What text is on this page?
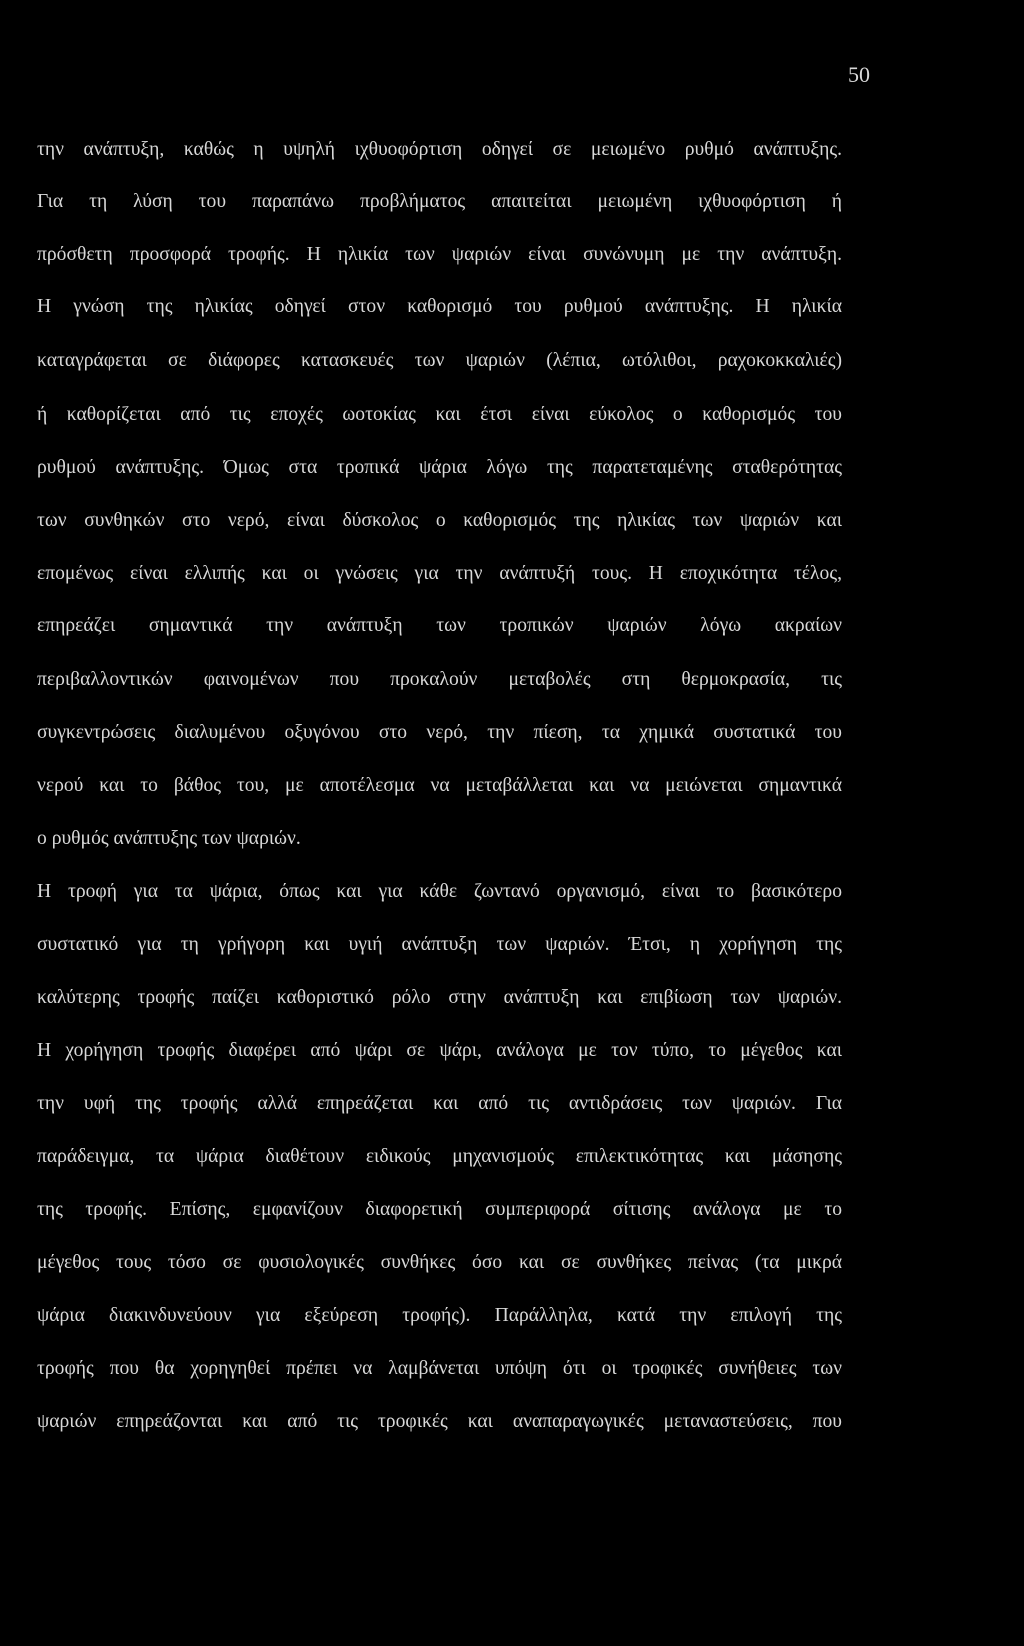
50
την ανάπτυξη, καθώς η υψηλή ιχθυοφόρτιση οδηγεί σε μειωμένο ρυθμό ανάπτυξης.
Για τη λύση του παραπάνω προβλήματος απαιτείται μειωμένη ιχθυοφόρτιση ή
πρόσθετη προσφορά τροφής. Η ηλικία των ψαριών είναι συνώνυμη με την ανάπτυξη.
Η γνώση της ηλικίας οδηγεί στον καθορισμό του ρυθμού ανάπτυξης. Η ηλικία
καταγράφεται σε διάφορες κατασκευές των ψαριών (λέπια, ωτόλιθοι, ραχοκοκκαλιές)
ή καθορίζεται από τις εποχές ωοτοκίας και έτσι είναι εύκολος ο καθορισμός του
ρυθμού ανάπτυξης. Όμως στα τροπικά ψάρια λόγω της παρατεταμένης σταθερότητας
των συνθηκών στο νερό, είναι δύσκολος ο καθορισμός της ηλικίας των ψαριών και
επομένως είναι ελλιπής και οι γνώσεις για την ανάπτυξή τους. Η εποχικότητα τέλος,
επηρεάζει σημαντικά την ανάπτυξη των τροπικών ψαριών λόγω ακραίων
περιβαλλοντικών φαινομένων που προκαλούν μεταβολές στη θερμοκρασία, τις
συγκεντρώσεις διαλυμένου οξυγόνου στο νερό, την πίεση, τα χημικά συστατικά του
νερού και το βάθος του, με αποτέλεσμα να μεταβάλλεται και να μειώνεται σημαντικά
ο ρυθμός ανάπτυξης των ψαριών.
Η τροφή για τα ψάρια, όπως και για κάθε ζωντανό οργανισμό, είναι το βασικότερο
συστατικό για τη γρήγορη και υγιή ανάπτυξη των ψαριών. Έτσι, η χορήγηση της
καλύτερης τροφής παίζει καθοριστικό ρόλο στην ανάπτυξη και επιβίωση των ψαριών.
Η χορήγηση τροφής διαφέρει από ψάρι σε ψάρι, ανάλογα με τον τύπο, το μέγεθος και
την υφή της τροφής αλλά επηρεάζεται και από τις αντιδράσεις των ψαριών. Για
παράδειγμα, τα ψάρια διαθέτουν ειδικούς μηχανισμούς επιλεκτικότητας και μάσησης
της τροφής. Επίσης, εμφανίζουν διαφορετική συμπεριφορά σίτισης ανάλογα με το
μέγεθος τους τόσο σε φυσιολογικές συνθήκες όσο και σε συνθήκες πείνας (τα μικρά
ψάρια διακινδυνεύουν για εξεύρεση τροφής). Παράλληλα, κατά την επιλογή της
τροφής που θα χορηγηθεί πρέπει να λαμβάνεται υπόψη ότι οι τροφικές συνήθειες των
ψαριών επηρεάζονται και από τις τροφικές και αναπαραγωγικές μεταναστεύσεις, που
